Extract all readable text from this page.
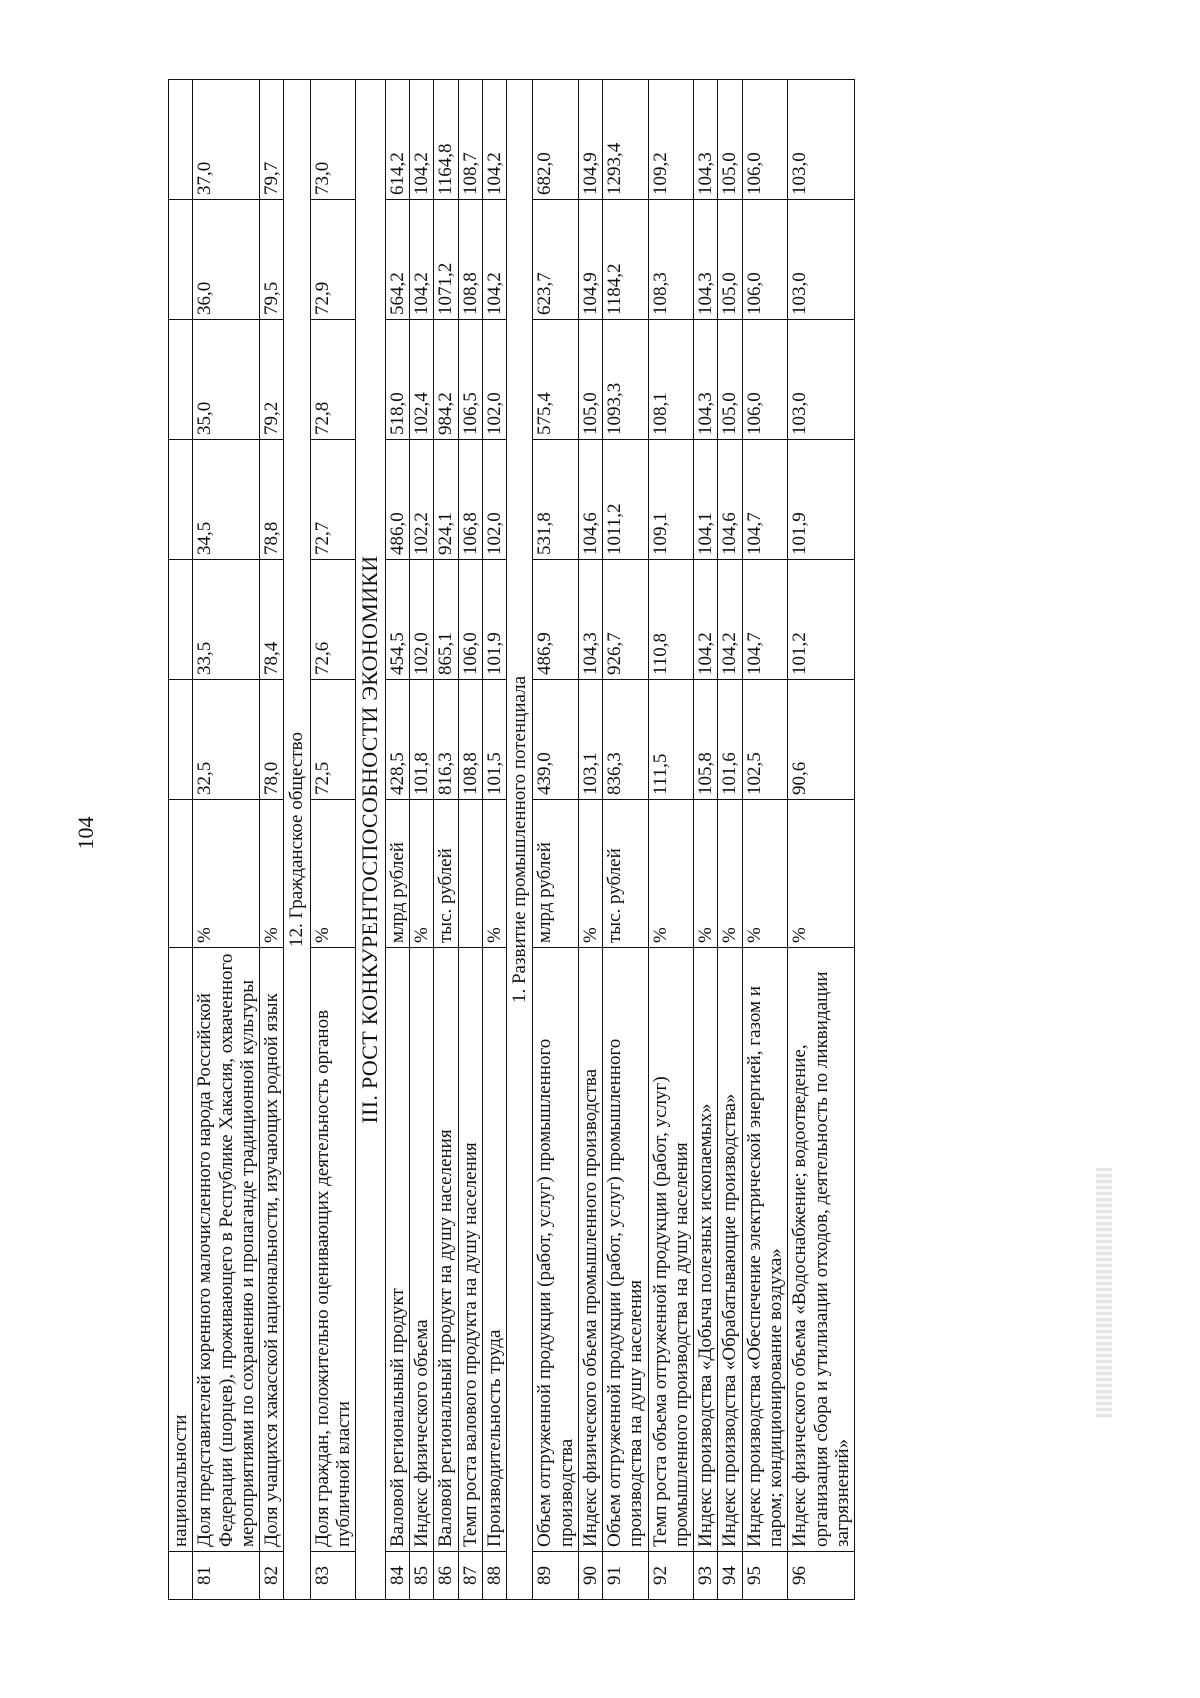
104
	национальности							
81	Доля представителей коренного малочисленного народа Российской Федерации (шорцев), проживающего в Республике Хакасия, охваченного мероприятиями по сохранению и пропаганде традиционной культуры	%	32,5	33,5	34,5	35,0	36,0	37,0
82	Доля учащихся хакасской национальности, изучающих родной язык	%	78,0	78,4	78,8	79,2	79,5	79,7
12. Гражданское общество								
83	Доля граждан, положительно оценивающих деятельность органов публичной власти	%	72,5	72,6	72,7	72,8	72,9	73,0
III. РОСТ КОНКУРЕНТОСПОСОБНОСТИ ЭКОНОМИКИ								
84	Валовой региональный продукт	млрд рублей	428,5	454,5	486,0	518,0	564,2	614,2
85	Индекс физического объема	%	101,8	102,0	102,2	102,4	104,2	104,2
86	Валовой региональный продукт на душу населения	тыс. рублей	816,3	865,1	924,1	984,2	1071,2	1164,8
87	Темп роста валового продукта на душу населения		108,8	106,0	106,8	106,5	108,8	108,7
88	Производительность труда	%	101,5	101,9	102,0	102,0	104,2	104,2
1. Развитие промышленного потенциала								
89	Объем отгруженной продукции (работ, услуг) промышленного производства	млрд рублей	439,0	486,9	531,8	575,4	623,7	682,0
90	Индекс физического объема промышленного производства	%	103,1	104,3	104,6	105,0	104,9	104,9
91	Объем отгруженной продукции (работ, услуг) промышленного производства на душу населения	тыс. рублей	836,3	926,7	1011,2	1093,3	1184,2	1293,4
92	Темп роста объема отгруженной продукции (работ, услуг) промышленного производства на душу населения	%	111,5	110,8	109,1	108,1	108,3	109,2
93	Индекс производства «Добыча полезных ископаемых»	%	105,8	104,2	104,1	104,3	104,3	104,3
94	Индекс производства «Обрабатывающие производства»	%	101,6	104,2	104,6	105,0	105,0	105,0
95	Индекс производства «Обеспечение электрической энергией, газом и паром; кондиционирование воздуха»	%	102,5	104,7	104,7	106,0	106,0	106,0
96	Индекс физического объема «Водоснабжение; водоотведение, организация сбора и утилизации отходов, деятельность по ликвидации загрязнений»	%	90,6	101,2	101,9	103,0	103,0	103,0
